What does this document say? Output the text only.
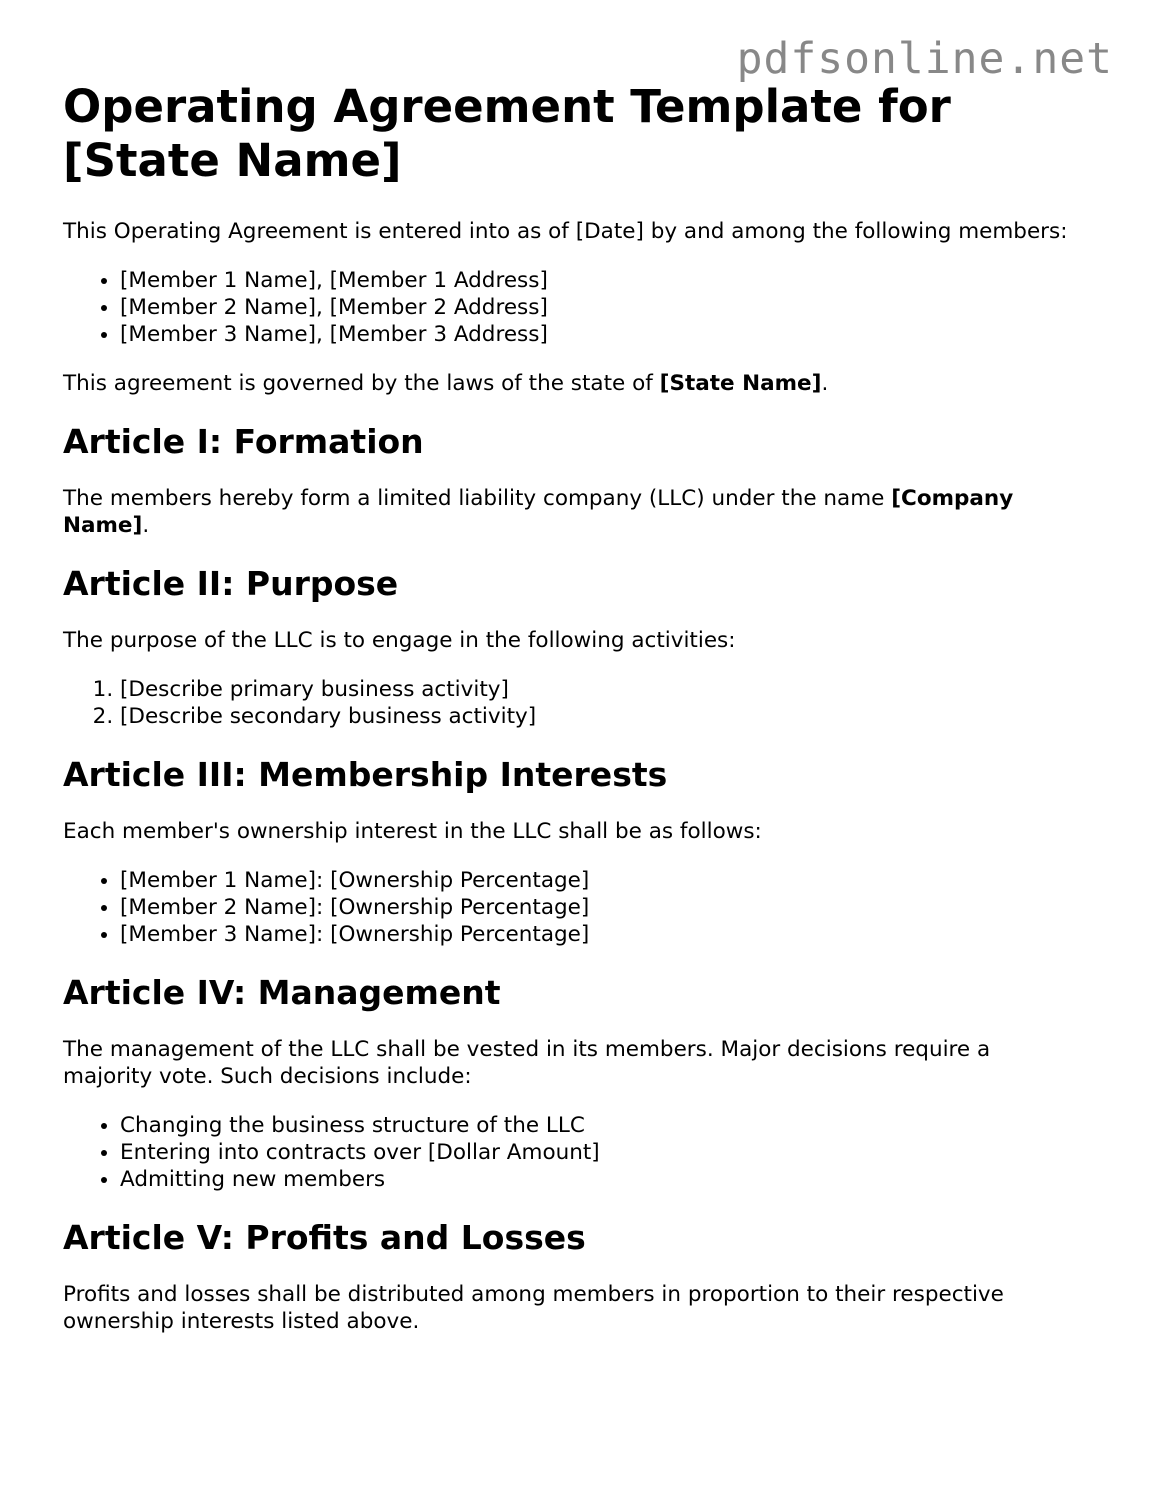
pdfsonline.net
Operating Agreement Template for [State Name]

This Operating Agreement is entered into as of [Date] by and among the following members:

• [Member 1 Name], [Member 1 Address]
• [Member 2 Name], [Member 2 Address]
• [Member 3 Name], [Member 3 Address]

This agreement is governed by the laws of the state of [State Name].

Article I: Formation

The members hereby form a limited liability company (LLC) under the name [Company Name].

Article II: Purpose

The purpose of the LLC is to engage in the following activities:

1. [Describe primary business activity]
2. [Describe secondary business activity]
Article III: Membership Interests

Each member's ownership interest in the LLC shall be as follows:

• [Member 1 Name]: [Ownership Percentage]
• [Member 2 Name]: [Ownership Percentage]
• [Member 3 Name]: [Ownership Percentage]
Article IV: Management

The management of the LLC shall be vested in its members. Major decisions require a majority vote. Such decisions include:

• Changing the business structure of the LLC
• Entering into contracts over [Dollar Amount]
• Admitting new members
Article V: Profits and Losses

Profits and losses shall be distributed among members in proportion to their respective ownership interests listed above.
